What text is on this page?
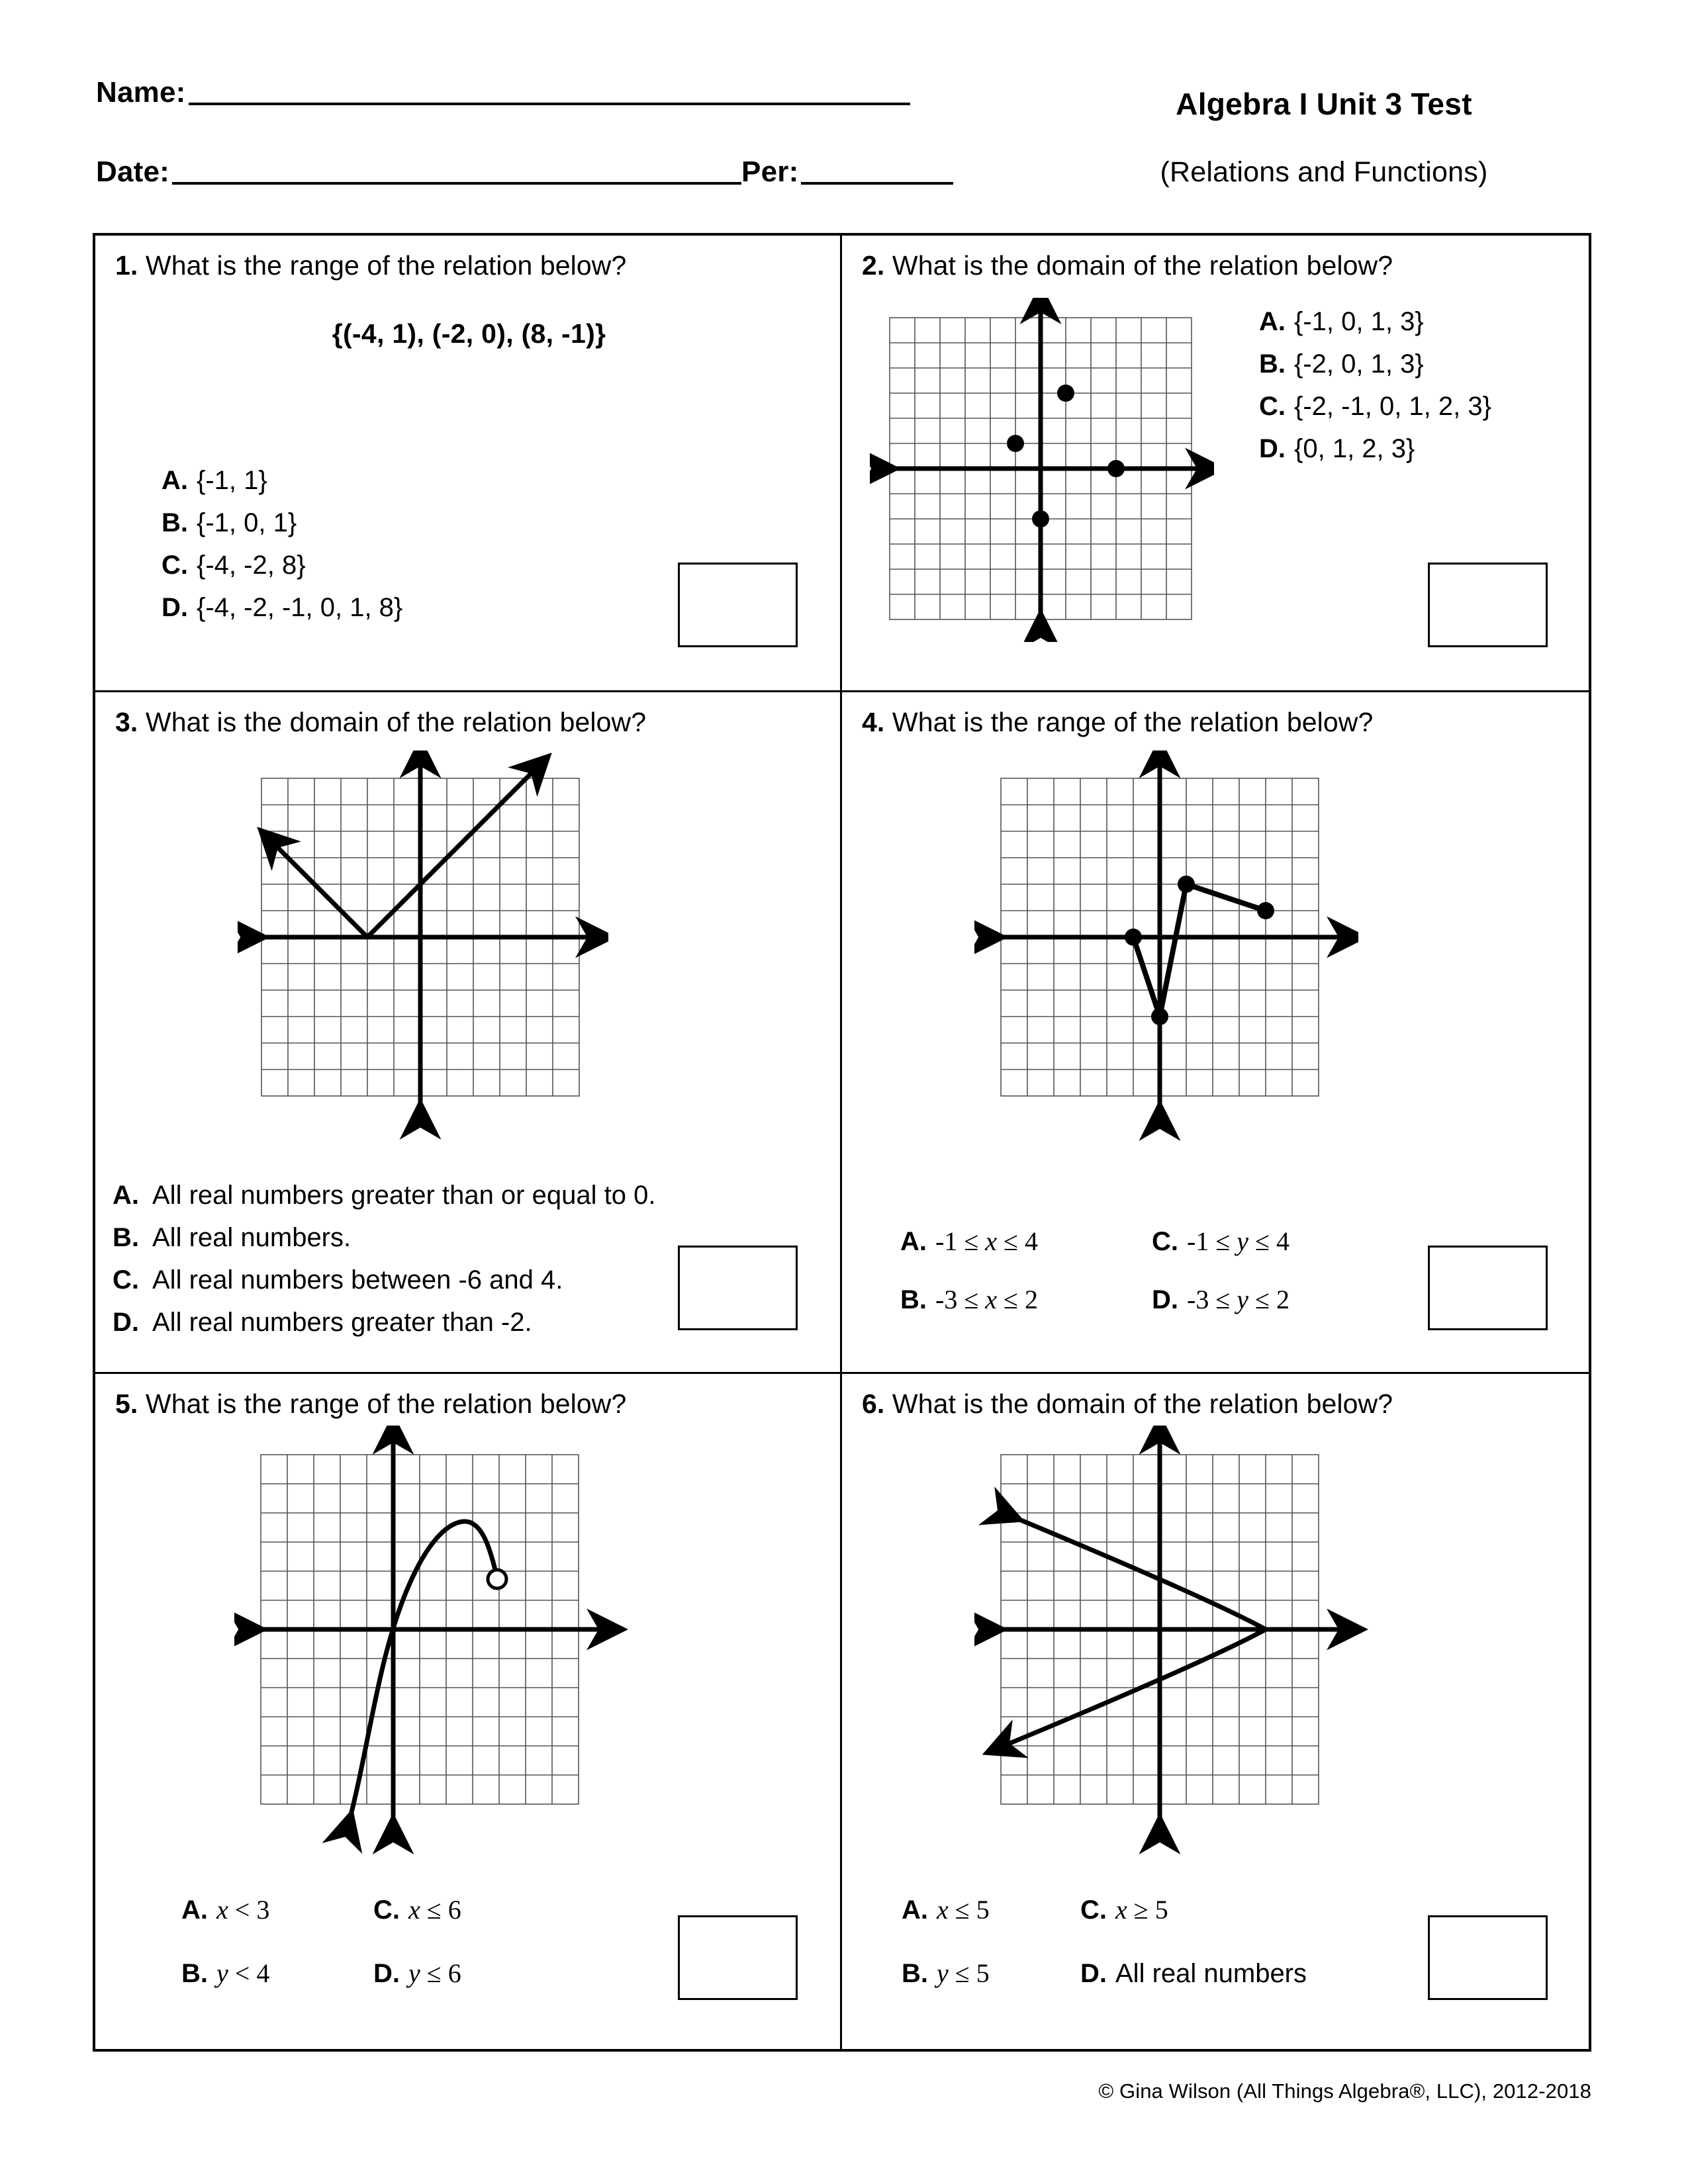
Name:
Date:	Per:
Algebra I Unit 3 Test
(Relations and Functions)
1. What is the range of the relation below?
{(-4, 1), (-2, 0), (8, -1)}
A. {-1, 1}
B. {-1, 0, 1}
C. {-4, -2, 8}
D. {-4, -2, -1, 0, 1, 8}
2. What is the domain of the relation below?
A. {-1, 0, 1, 3}
B. {-2, 0, 1, 3}
C. {-2, -1, 0, 1, 2, 3}
D. {0, 1, 2, 3}
3. What is the domain of the relation below?
A. All real numbers greater than or equal to 0.
B. All real numbers.
C. All real numbers between -6 and 4.
D. All real numbers greater than -2.
4. What is the range of the relation below?
A. -1 ≤ x ≤ 4
B. -3 ≤ x ≤ 2
C. -1 ≤ y ≤ 4
D. -3 ≤ y ≤ 2
5. What is the range of the relation below?
A. x < 3
B. y < 4
C. x ≤ 6
D. y ≤ 6
6. What is the domain of the relation below?
A. x ≤ 5
B. y ≤ 5
C. x ≥ 5
D. All real numbers
© Gina Wilson (All Things Algebra®, LLC), 2012-2018
